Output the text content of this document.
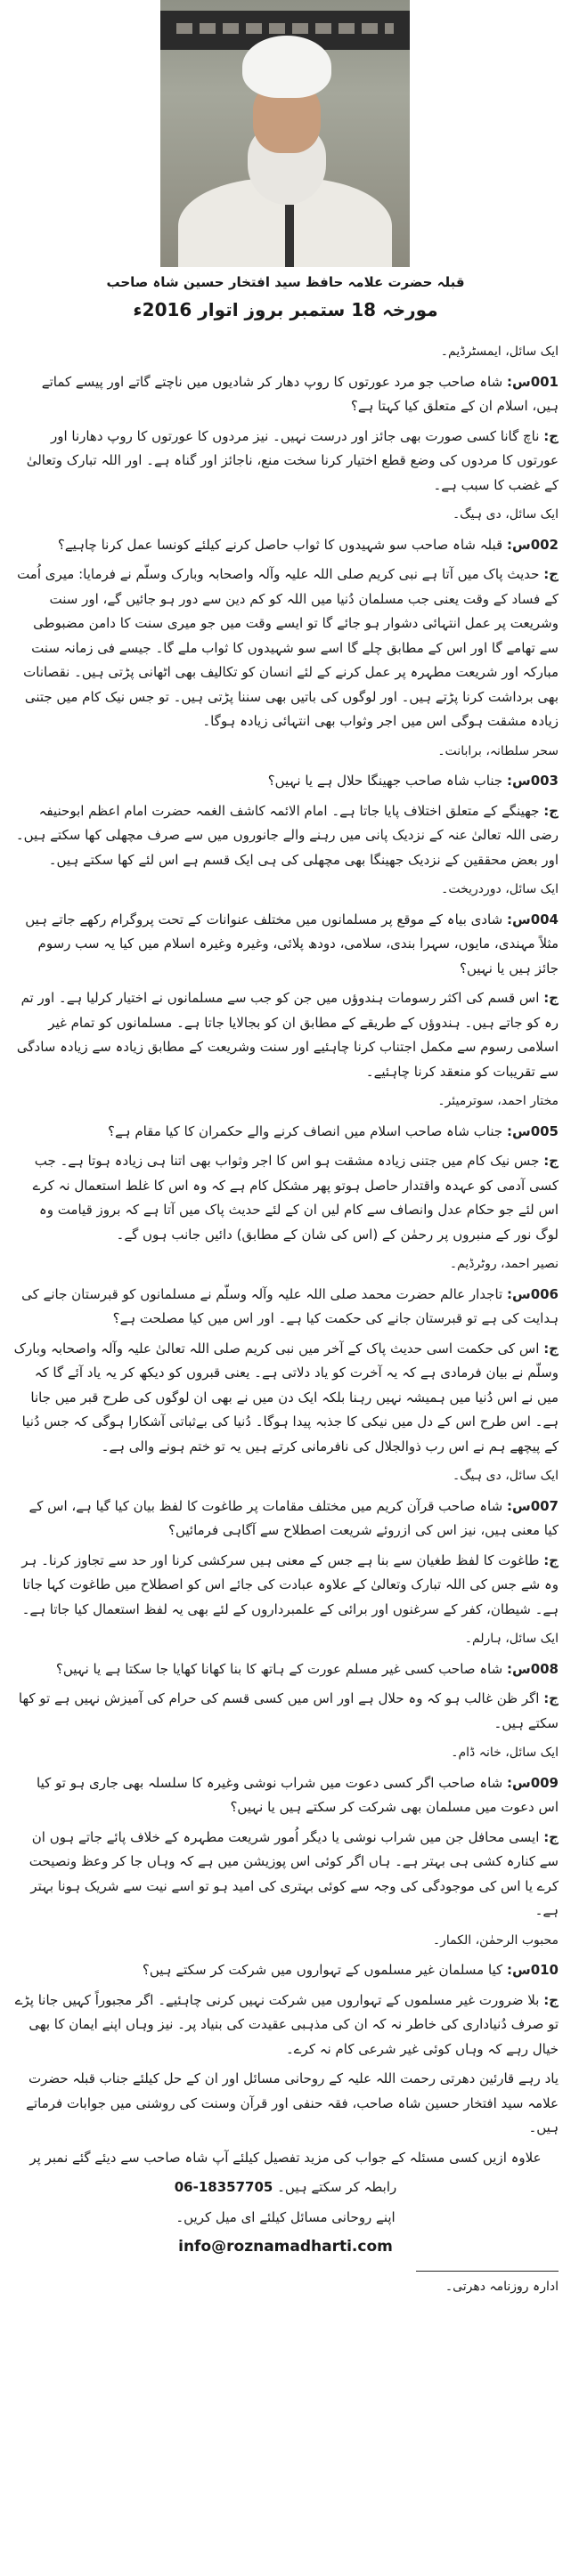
قبلہ حضرت علامہ حافظ سید افتخار حسین شاہ صاحب
مورخہ 18 ستمبر بروز اتوار 2016ء

ایک سائل، ایمسٹرڈیم۔

001س: شاہ صاحب جو مرد عورتوں کا روپ دھار کر شادیوں میں ناچتے گاتے اور پیسے کماتے ہیں، اسلام ان کے متعلق کیا کہتا ہے؟

ج: ناچ گانا کسی صورت بھی جائز اور درست نہیں۔ نیز مردوں کا عورتوں کا روپ دھارنا اور عورتوں کا مردوں کی وضع قطع اختیار کرنا سخت منع، ناجائز اور گناہ ہے۔ اور اللہ تبارک وتعالیٰ کے غضب کا سبب ہے۔

ایک سائل، دی ہیگ۔

002س: قبلہ شاہ صاحب سو شہیدوں کا ثواب حاصل کرنے کیلئے کونسا عمل کرنا چاہیے؟

ج: حدیث پاک میں آتا ہے نبی کریم صلی اللہ علیہ وآلہ واصحابہ وبارک وسلّم نے فرمایا: میری اُمت کے فساد کے وقت یعنی جب مسلمان دُنیا میں اللہ کو کم دین سے دور ہو جائیں گے، اور سنت وشریعت پر عمل انتہائی دشوار ہو جائے گا تو ایسے وقت میں جو میری سنت کا دامن مضبوطی سے تھامے گا اور اس کے مطابق چلے گا اسے سو شہیدوں کا ثواب ملے گا۔ جیسے فی زمانہ سنت مبارکہ اور شریعت مطہرہ پر عمل کرنے کے لئے انسان کو تکالیف بھی اٹھانی پڑتی ہیں۔ نقصانات بھی برداشت کرنا پڑتے ہیں۔ اور لوگوں کی باتیں بھی سننا پڑتی ہیں۔ تو جس نیک کام میں جتنی زیادہ مشقت ہوگی اس میں اجر وثواب بھی انتہائی زیادہ ہوگا۔

سحر سلطانہ، برابانت۔

003س: جناب شاہ صاحب جھینگا حلال ہے یا نہیں؟

ج: جھینگے کے متعلق اختلاف پایا جاتا ہے۔ امام الائمہ کاشف الغمہ حضرت امام اعظم ابوحنیفہ رضی اللہ تعالیٰ عنہ کے نزدیک پانی میں رہنے والے جانوروں میں سے صرف مچھلی کھا سکتے ہیں۔ اور بعض محققین کے نزدیک جھینگا بھی مچھلی کی ہی ایک قسم ہے اس لئے کھا سکتے ہیں۔

ایک سائل، دوردریخت۔

004س: شادی بیاہ کے موقع پر مسلمانوں میں مختلف عنوانات کے تحت پروگرام رکھے جاتے ہیں مثلاً مہندی، مایوں، سہرا بندی، سلامی، دودھ پلائی، وغیرہ وغیرہ اسلام میں کیا یہ سب رسوم جائز ہیں یا نہیں؟

ج: اس قسم کی اکثر رسومات ہندوؤں میں جن کو جب سے مسلمانوں نے اختیار کرلیا ہے۔ اور تم رہ کو جاتے ہیں۔ ہندوؤں کے طریقے کے مطابق ان کو بجالایا جاتا ہے۔ مسلمانوں کو تمام غیر اسلامی رسوم سے مکمل اجتناب کرنا چاہئیے اور سنت وشریعت کے مطابق زیادہ سے زیادہ سادگی سے تقریبات کو منعقد کرنا چاہئیے۔

مختار احمد، سوترمیئر۔

005س: جناب شاہ صاحب اسلام میں انصاف کرنے والے حکمران کا کیا مقام ہے؟

ج: جس نیک کام میں جتنی زیادہ مشقت ہو اس کا اجر وثواب بھی اتنا ہی زیادہ ہوتا ہے۔ جب کسی آدمی کو عہدہ واقتدار حاصل ہوتو پھر مشکل کام ہے کہ وہ اس کا غلط استعمال نہ کرے اس لئے جو حکام عدل وانصاف سے کام لیں ان کے لئے حدیث پاک میں آتا ہے کہ بروز قیامت وہ لوگ نور کے منبروں پر رحمٰن کے (اس کی شان کے مطابق) دائیں جانب ہوں گے۔

نصیر احمد، روٹرڈیم۔

006س: تاجدار عالم حضرت محمد صلی اللہ علیہ وآلہ وسلّم نے مسلمانوں کو قبرستان جانے کی ہدایت کی ہے تو قبرستان جانے کی حکمت کیا ہے۔ اور اس میں کیا مصلحت ہے؟

ج: اس کی حکمت اسی حدیث پاک کے آخر میں نبی کریم صلی اللہ تعالیٰ علیہ وآلہ واصحابہ وبارک وسلّم نے بیان فرمادی ہے کہ یہ آخرت کو یاد دلاتی ہے۔ یعنی قبروں کو دیکھ کر یہ یاد آئے گا کہ میں نے اس دُنیا میں ہمیشہ نہیں رہنا بلکہ ایک دن میں نے بھی ان لوگوں کی طرح قبر میں جانا ہے۔ اس طرح اس کے دل میں نیکی کا جذبہ پیدا ہوگا۔ دُنیا کی بےثباتی آشکارا ہوگی کہ جس دُنیا کے پیچھے ہم نے اس رب ذوالجلال کی نافرمانی کرتے ہیں یہ تو ختم ہونے والی ہے۔

ایک سائل، دی ہیگ۔

007س: شاہ صاحب قرآن کریم میں مختلف مقامات پر طاغوت کا لفظ بیان کیا گیا ہے، اس کے کیا معنی ہیں، نیز اس کی ازروئے شریعت اصطلاح سے آگاہی فرمائیں؟

ج: طاغوت کا لفظ طغیان سے بنا ہے جس کے معنی ہیں سرکشی کرنا اور حد سے تجاوز کرنا۔ ہر وہ شے جس کی اللہ تبارک وتعالیٰ کے علاوہ عبادت کی جائے اس کو اصطلاح میں طاغوت کہا جاتا ہے۔ شیطان، کفر کے سرغنوں اور برائی کے علمبرداروں کے لئے بھی یہ لفظ استعمال کیا جاتا ہے۔

ایک سائل، ہارلم۔

008س: شاہ صاحب کسی غیر مسلم عورت کے ہاتھ کا بنا کھانا کھایا جا سکتا ہے یا نہیں؟

ج: اگر ظن غالب ہو کہ وہ حلال ہے اور اس میں کسی قسم کی حرام کی آمیزش نہیں ہے تو کھا سکتے ہیں۔

ایک سائل، خانہ ڈام۔

009س: شاہ صاحب اگر کسی دعوت میں شراب نوشی وغیرہ کا سلسلہ بھی جاری ہو تو کیا اس دعوت میں مسلمان بھی شرکت کر سکتے ہیں یا نہیں؟

ج: ایسی محافل جن میں شراب نوشی یا دیگر اُمور شریعت مطہرہ کے خلاف پائے جاتے ہوں ان سے کنارہ کشی ہی بہتر ہے۔ ہاں اگر کوئی اس پوزیشن میں ہے کہ وہاں جا کر وعظ ونصیحت کرے یا اس کی موجودگی کی وجہ سے کوئی بہتری کی امید ہو تو اسے نیت سے شریک ہونا بہتر ہے۔

محبوب الرحمٰن، الکمار۔

010س: کیا مسلمان غیر مسلموں کے تہواروں میں شرکت کر سکتے ہیں؟

ج: بلا ضرورت غیر مسلموں کے تہواروں میں شرکت نہیں کرنی چاہئیے۔ اگر مجبوراً کہیں جانا پڑے تو صرف دُنیاداری کی خاطر نہ کہ ان کی مذہبی عقیدت کی بنیاد پر۔ نیز وہاں اپنے ایمان کا بھی خیال رہے کہ وہاں کوئی غیر شرعی کام نہ کرے۔

یاد رہے قارئین دھرتی رحمت اللہ علیہ کے روحانی مسائل اور ان کے حل کیلئے جناب قبلہ حضرت علامہ سید افتخار حسین شاہ صاحب، فقہ حنفی اور قرآن وسنت کی روشنی میں جوابات فرماتے ہیں۔

علاوہ ازیں کسی مسئلہ کے جواب کی مزید تفصیل کیلئے آپ شاہ صاحب سے دیئے گئے نمبر پر

رابطہ کر سکتے ہیں۔ 06-18357705

اپنے روحانی مسائل کیلئے ای میل کریں۔

info@roznamadharti.com

ادارہ روزنامہ دھرتی۔
